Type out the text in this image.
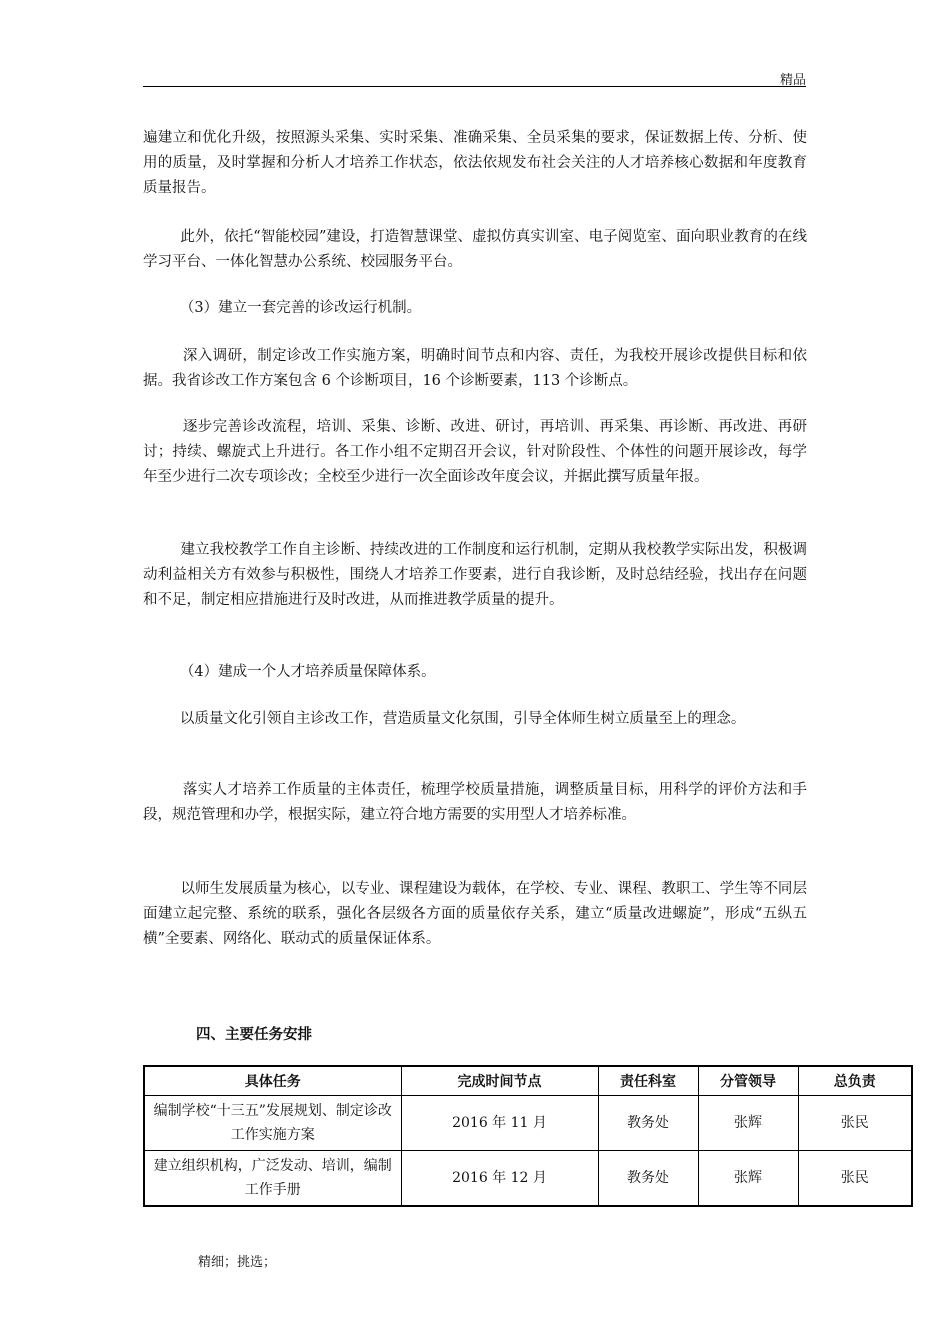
精品

遍建立和优化升级，按照源头采集、实时采集、准确采集、全员采集的要求，保证数据上传、分析、使用的质量，及时掌握和分析人才培养工作状态，依法依规发布社会关注的人才培养核心数据和年度教育质量报告。

此外，依托“智能校园”建设，打造智慧课堂、虚拟仿真实训室、电子阅览室、面向职业教育的在线学习平台、一体化智慧办公系统、校园服务平台。

（3）建立一套完善的诊改运行机制。

深入调研，制定诊改工作实施方案，明确时间节点和内容、责任，为我校开展诊改提供目标和依据。我省诊改工作方案包含 6 个诊断项目，16 个诊断要素，113 个诊断点。

逐步完善诊改流程，培训、采集、诊断、改进、研讨，再培训、再采集、再诊断、再改进、再研讨；持续、螺旋式上升进行。各工作小组不定期召开会议，针对阶段性、个体性的问题开展诊改，每学年至少进行二次专项诊改；全校至少进行一次全面诊改年度会议，并据此撰写质量年报。

建立我校教学工作自主诊断、持续改进的工作制度和运行机制，定期从我校教学实际出发，积极调动利益相关方有效参与积极性，围绕人才培养工作要素，进行自我诊断，及时总结经验，找出存在问题和不足，制定相应措施进行及时改进，从而推进教学质量的提升。

（4）建成一个人才培养质量保障体系。

以质量文化引领自主诊改工作，营造质量文化氛围，引导全体师生树立质量至上的理念。

落实人才培养工作质量的主体责任，梳理学校质量措施，调整质量目标，用科学的评价方法和手段，规范管理和办学，根据实际，建立符合地方需要的实用型人才培养标准。

以师生发展质量为核心，以专业、课程建设为载体，在学校、专业、课程、教职工、学生等不同层面建立起完整、系统的联系，强化各层级各方面的质量依存关系，建立“质量改进螺旋”，形成“五纵五横”全要素、网络化、联动式的质量保证体系。

四、主要任务安排

具体任务	完成时间节点	责任科室	分管领导	总负责
编制学校“十三五”发展规划、制定诊改工作实施方案	2016 年 11 月	教务处	张辉	张民
建立组织机构，广泛发动、培训，编制工作手册	2016 年 12 月	教务处	张辉	张民
精细；挑选；
